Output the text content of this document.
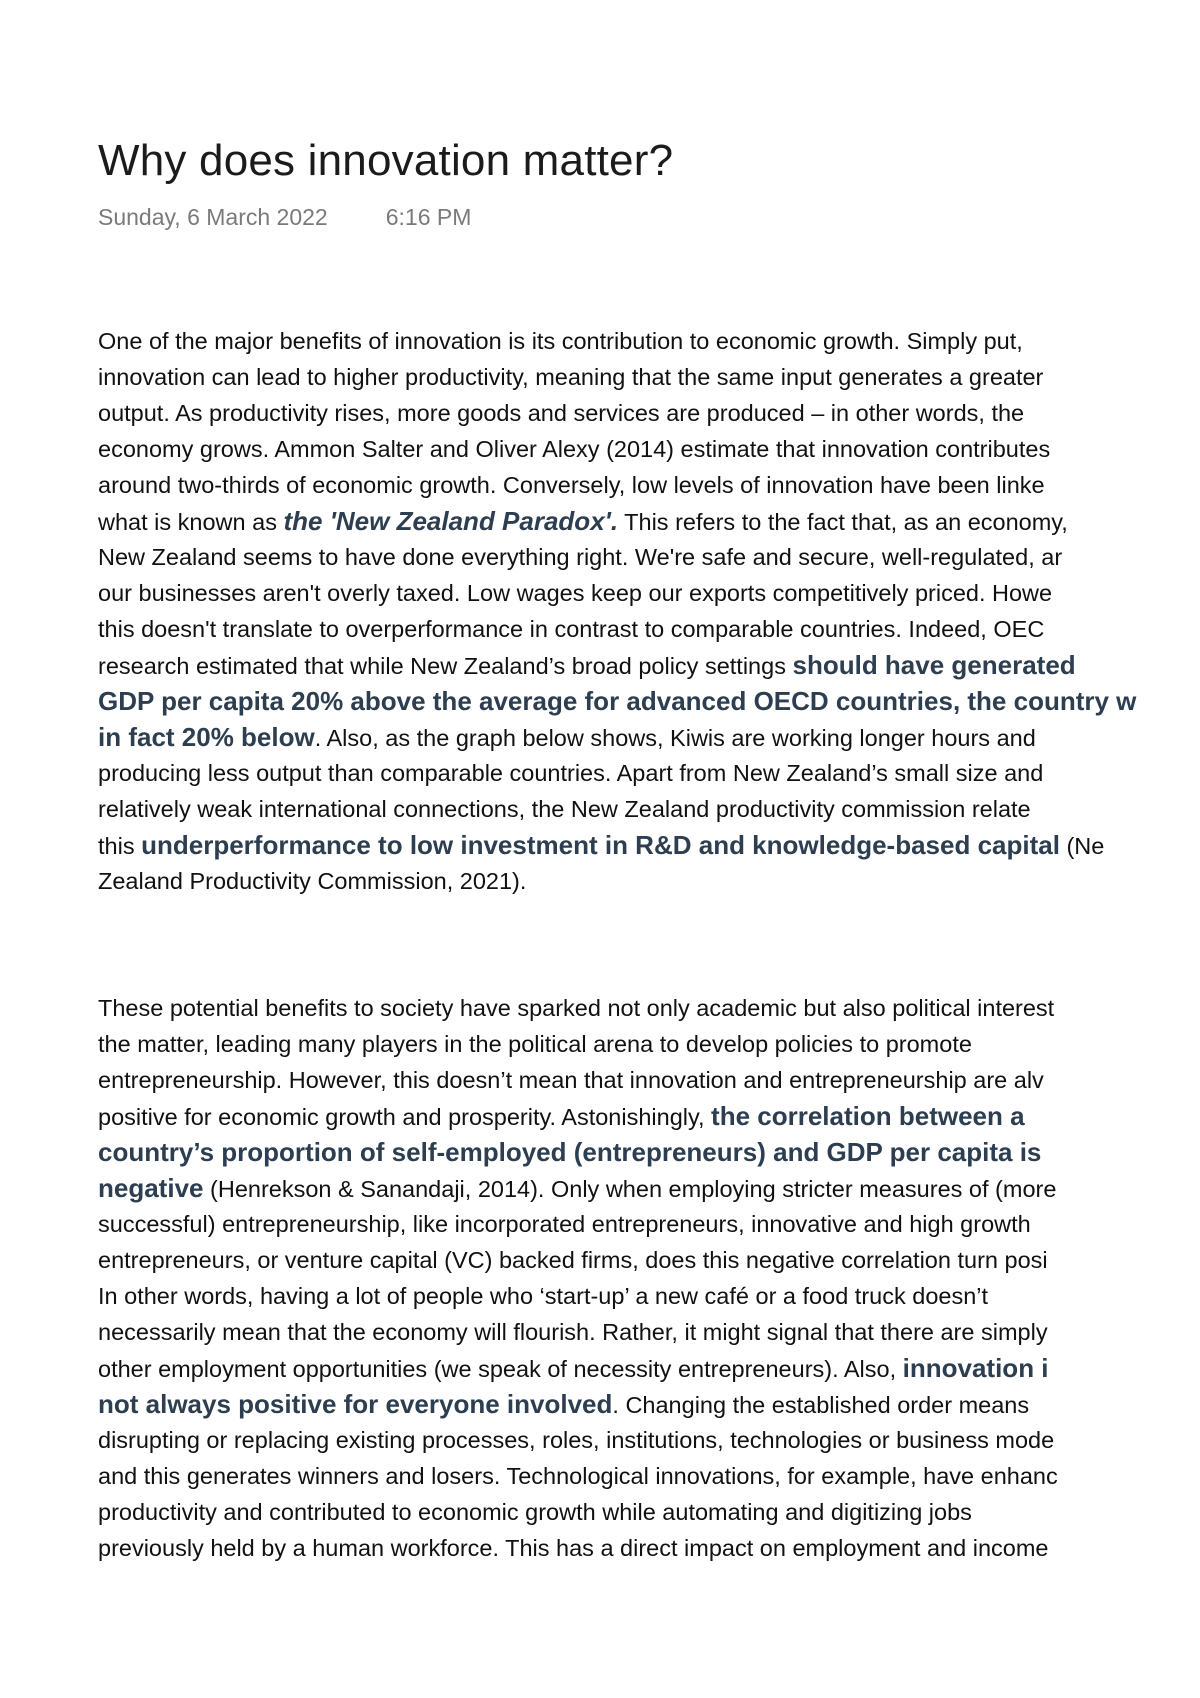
Why does innovation matter?
Sunday, 6 March 2022	6:16 PM
One of the major benefits of innovation is its contribution to economic growth. Simply put,
innovation can lead to higher productivity, meaning that the same input generates a greater
output. As productivity rises, more goods and services are produced – in other words, the
economy grows. Ammon Salter and Oliver Alexy (2014) estimate that innovation contributes
around two-thirds of economic growth. Conversely, low levels of innovation have been linke
what is known as the 'New Zealand Paradox'. This refers to the fact that, as an economy,
New Zealand seems to have done everything right. We're safe and secure, well-regulated, ar
our businesses aren't overly taxed. Low wages keep our exports competitively priced. Howe
this doesn't translate to overperformance in contrast to comparable countries. Indeed, OEC
research estimated that while New Zealand’s broad policy settings should have generated
GDP per capita 20% above the average for advanced OECD countries, the country w
in fact 20% below. Also, as the graph below shows, Kiwis are working longer hours and
producing less output than comparable countries. Apart from New Zealand’s small size and
relatively weak international connections, the New Zealand productivity commission relate
this underperformance to low investment in R&D and knowledge-based capital (Ne
Zealand Productivity Commission, 2021).
These potential benefits to society have sparked not only academic but also political interest
the matter, leading many players in the political arena to develop policies to promote
entrepreneurship. However, this doesn’t mean that innovation and entrepreneurship are alv
positive for economic growth and prosperity. Astonishingly, the correlation between a
country’s proportion of self-employed (entrepreneurs) and GDP per capita is
negative (Henrekson & Sanandaji, 2014). Only when employing stricter measures of (more
successful) entrepreneurship, like incorporated entrepreneurs, innovative and high growth
entrepreneurs, or venture capital (VC) backed firms, does this negative correlation turn posi
In other words, having a lot of people who ‘start-up’ a new café or a food truck doesn’t
necessarily mean that the economy will flourish. Rather, it might signal that there are simply
other employment opportunities (we speak of necessity entrepreneurs). Also, innovation i
not always positive for everyone involved. Changing the established order means
disrupting or replacing existing processes, roles, institutions, technologies or business mode
and this generates winners and losers. Technological innovations, for example, have enhanc
productivity and contributed to economic growth while automating and digitizing jobs
previously held by a human workforce. This has a direct impact on employment and income
